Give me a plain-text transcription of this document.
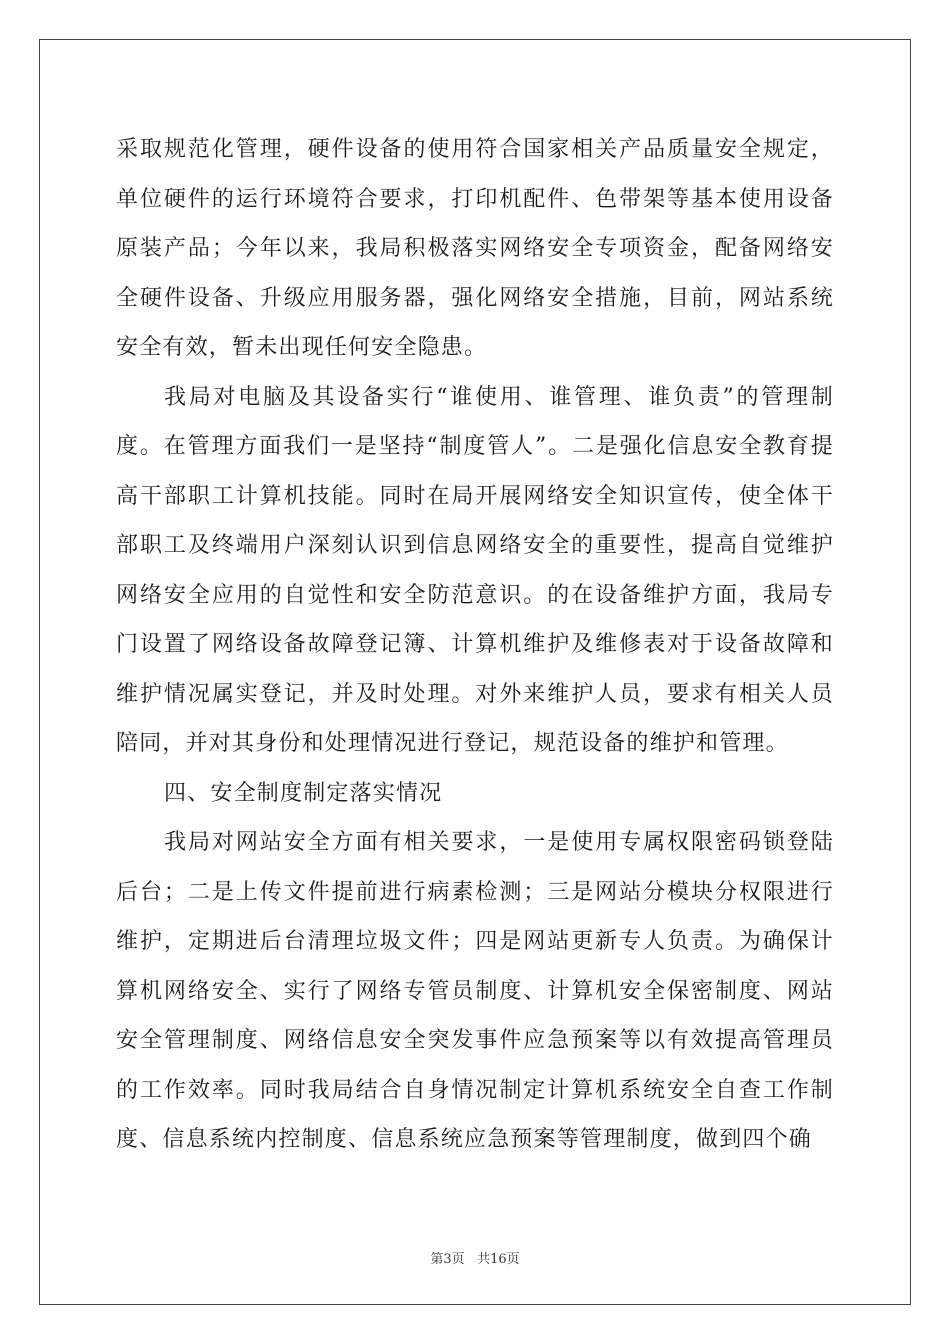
采取规范化管理，硬件设备的使用符合国家相关产品质量安全规定，单位硬件的运行环境符合要求，打印机配件、色带架等基本使用设备原装产品；今年以来，我局积极落实网络安全专项资金，配备网络安全硬件设备、升级应用服务器，强化网络安全措施，目前，网站系统安全有效，暂未出现任何安全隐患。

我局对电脑及其设备实行“谁使用、谁管理、谁负责”的管理制度。在管理方面我们一是坚持“制度管人”。二是强化信息安全教育提高干部职工计算机技能。同时在局开展网络安全知识宣传，使全体干部职工及终端用户深刻认识到信息网络安全的重要性，提高自觉维护网络安全应用的自觉性和安全防范意识。的在设备维护方面，我局专门设置了网络设备故障登记簿、计算机维护及维修表对于设备故障和维护情况属实登记，并及时处理。对外来维护人员，要求有相关人员陪同，并对其身份和处理情况进行登记，规范设备的维护和管理。

四、安全制度制定落实情况

我局对网站安全方面有相关要求，一是使用专属权限密码锁登陆后台；二是上传文件提前进行病素检测；三是网站分模块分权限进行维护，定期进后台清理垃圾文件；四是网站更新专人负责。为确保计算机网络安全、实行了网络专管员制度、计算机安全保密制度、网站安全管理制度、网络信息安全突发事件应急预案等以有效提高管理员的工作效率。同时我局结合自身情况制定计算机系统安全自查工作制度、信息系统内控制度、信息系统应急预案等管理制度，做到四个确

第3页 共16页
